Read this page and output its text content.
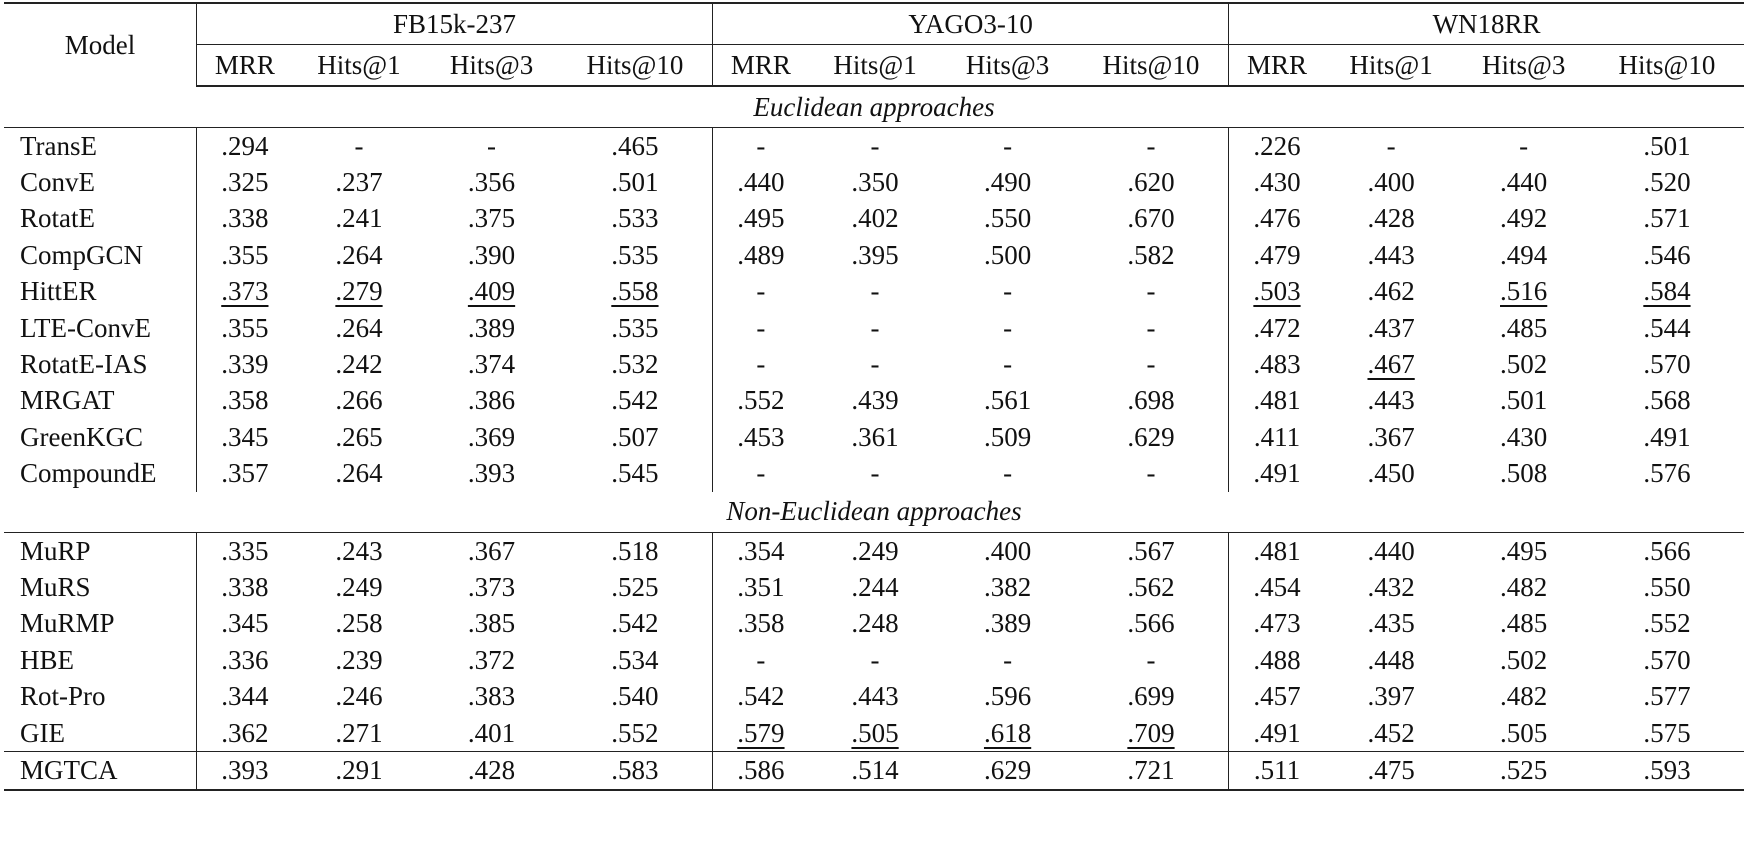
Model	FB15k-237				YAGO3-10				WN18RR			
	MRR	Hits@1	Hits@3	Hits@10	MRR	Hits@1	Hits@3	Hits@10	MRR	Hits@1	Hits@3	Hits@10
Euclidean approaches												
TransE	.294	-	-	.465	-	-	-	-	.226	-	-	.501
ConvE	.325	.237	.356	.501	.440	.350	.490	.620	.430	.400	.440	.520
RotatE	.338	.241	.375	.533	.495	.402	.550	.670	.476	.428	.492	.571
CompGCN	.355	.264	.390	.535	.489	.395	.500	.582	.479	.443	.494	.546
HittER	.373	.279	.409	.558	-	-	-	-	.503	.462	.516	.584
LTE-ConvE	.355	.264	.389	.535	-	-	-	-	.472	.437	.485	.544
RotatE-IAS	.339	.242	.374	.532	-	-	-	-	.483	.467	.502	.570
MRGAT	.358	.266	.386	.542	.552	.439	.561	.698	.481	.443	.501	.568
GreenKGC	.345	.265	.369	.507	.453	.361	.509	.629	.411	.367	.430	.491
CompoundE	.357	.264	.393	.545	-	-	-	-	.491	.450	.508	.576
Non-Euclidean approaches												
MuRP	.335	.243	.367	.518	.354	.249	.400	.567	.481	.440	.495	.566
MuRS	.338	.249	.373	.525	.351	.244	.382	.562	.454	.432	.482	.550
MuRMP	.345	.258	.385	.542	.358	.248	.389	.566	.473	.435	.485	.552
HBE	.336	.239	.372	.534	-	-	-	-	.488	.448	.502	.570
Rot-Pro	.344	.246	.383	.540	.542	.443	.596	.699	.457	.397	.482	.577
GIE	.362	.271	.401	.552	.579	.505	.618	.709	.491	.452	.505	.575
MGTCA	.393	.291	.428	.583	.586	.514	.629	.721	.511	.475	.525	.593
